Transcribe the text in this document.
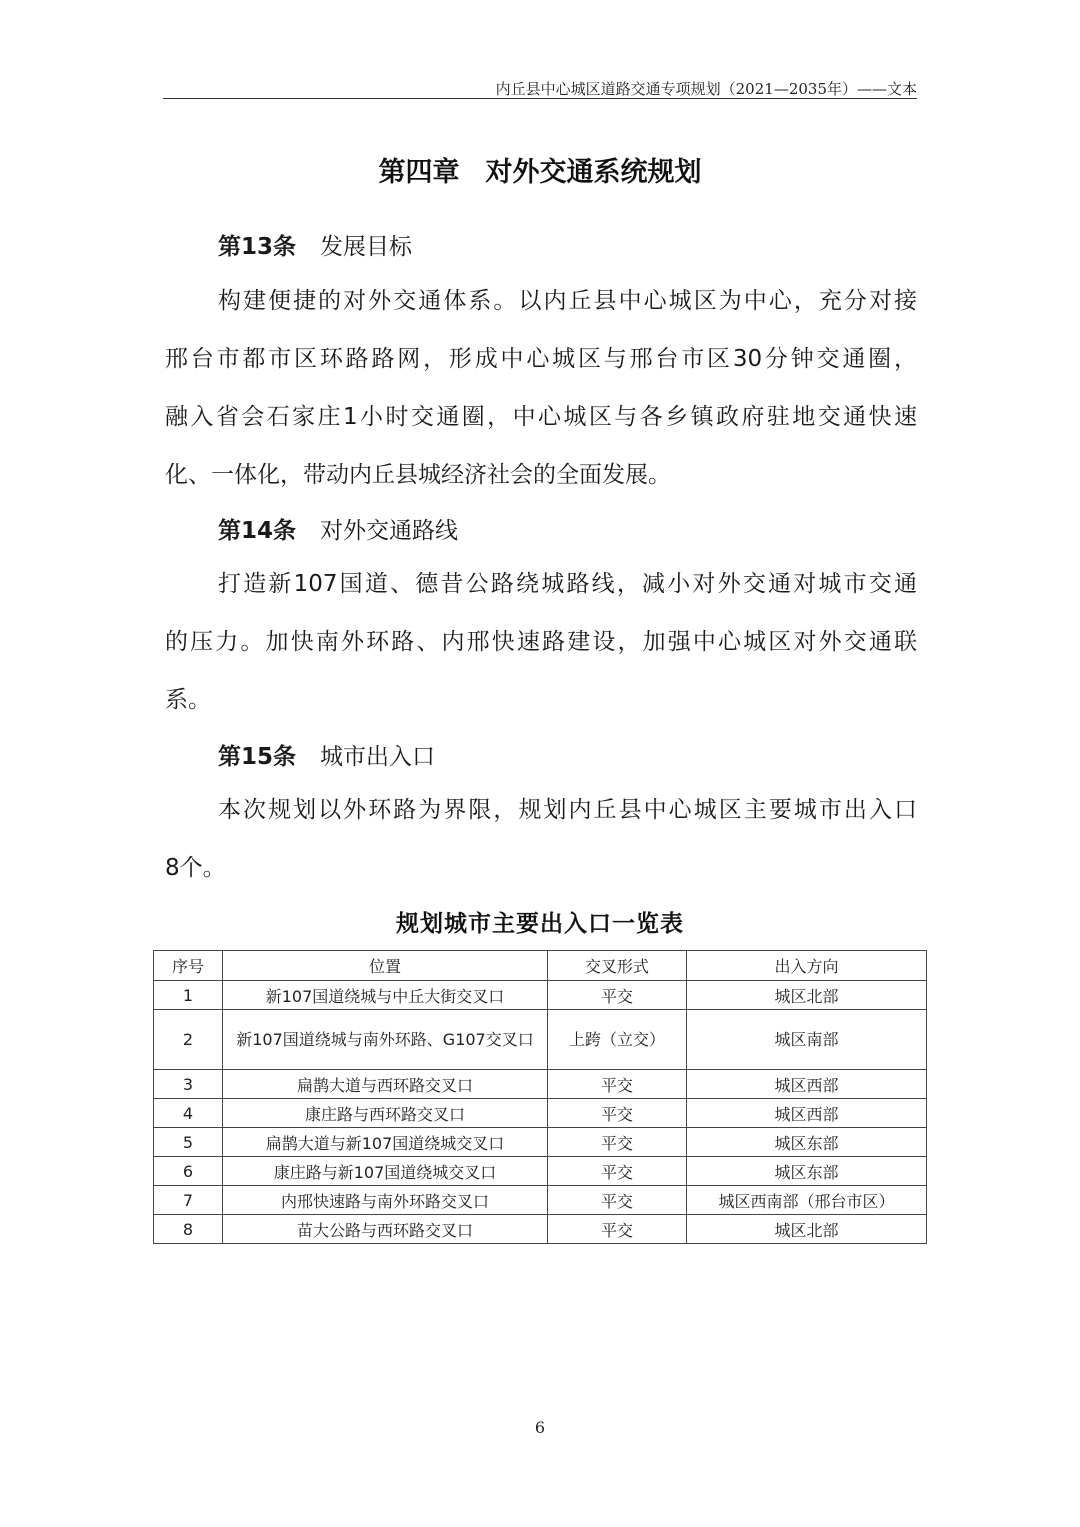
内丘县中心城区道路交通专项规划（2021—2035年）——文本
第四章 对外交通系统规划
第13条 发展目标
构建便捷的对外交通体系。以内丘县中心城区为中心，充分对接
邢台市都市区环路路网，形成中心城区与邢台市区30分钟交通圈，
融入省会石家庄1小时交通圈，中心城区与各乡镇政府驻地交通快速
化、一体化，带动内丘县城经济社会的全面发展。
第14条 对外交通路线
打造新107国道、德昔公路绕城路线，减小对外交通对城市交通
的压力。加快南外环路、内邢快速路建设，加强中心城区对外交通联
系。
第15条 城市出入口
本次规划以外环路为界限，规划内丘县中心城区主要城市出入口
8个。
规划城市主要出入口一览表
序号	位置	交叉形式	出入方向
1	新107国道绕城与中丘大街交叉口	平交	城区北部
2	新107国道绕城与南外环路、G107交叉口	上跨（立交）	城区南部
3	扁鹊大道与西环路交叉口	平交	城区西部
4	康庄路与西环路交叉口	平交	城区西部
5	扁鹊大道与新107国道绕城交叉口	平交	城区东部
6	康庄路与新107国道绕城交叉口	平交	城区东部
7	内邢快速路与南外环路交叉口	平交	城区西南部（邢台市区）
8	苗大公路与西环路交叉口	平交	城区北部
6
